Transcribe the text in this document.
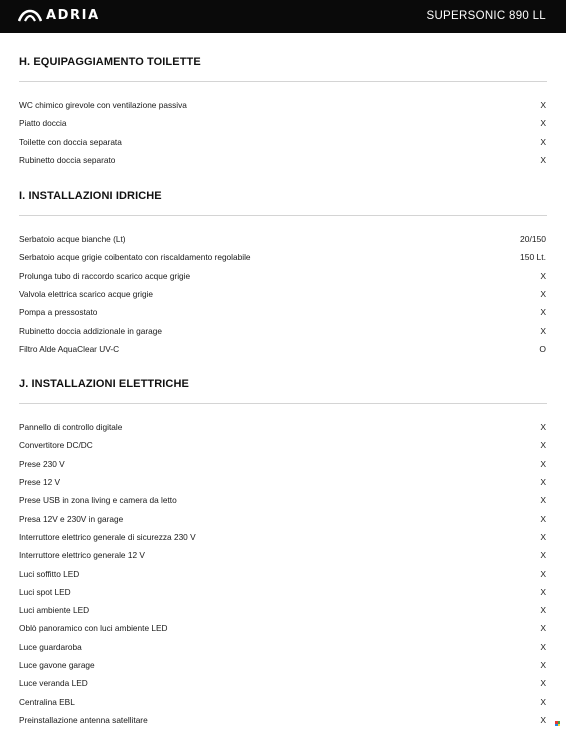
ADRIA	SUPERSONIC 890 LL
H. EQUIPAGGIAMENTO TOILETTE
WC chimico girevole con ventilazione passiva	X
Piatto doccia	X
Toilette con doccia separata	X
Rubinetto doccia separato	X
I. INSTALLAZIONI IDRICHE
Serbatoio acque bianche (Lt)	20/150
Serbatoio acque grigie coibentato con riscaldamento regolabile	150 Lt.
Prolunga tubo di raccordo scarico acque grigie	X
Valvola elettrica scarico acque grigie	X
Pompa a pressostato	X
Rubinetto doccia addizionale in garage	X
Filtro Alde AquaClear UV-C	O
J. INSTALLAZIONI ELETTRICHE
Pannello di controllo digitale	X
Convertitore DC/DC	X
Prese 230 V	X
Prese 12 V	X
Prese USB in zona living e camera da letto	X
Presa 12V e 230V in garage	X
Interruttore elettrico generale di sicurezza 230 V	X
Interruttore elettrico generale 12 V	X
Luci soffitto LED	X
Luci spot LED	X
Luci ambiente LED	X
Oblò panoramico con luci ambiente LED	X
Luce guardaroba	X
Luce gavone garage	X
Luce veranda LED	X
Centralina EBL	X
Preinstallazione antenna satellitare	X
